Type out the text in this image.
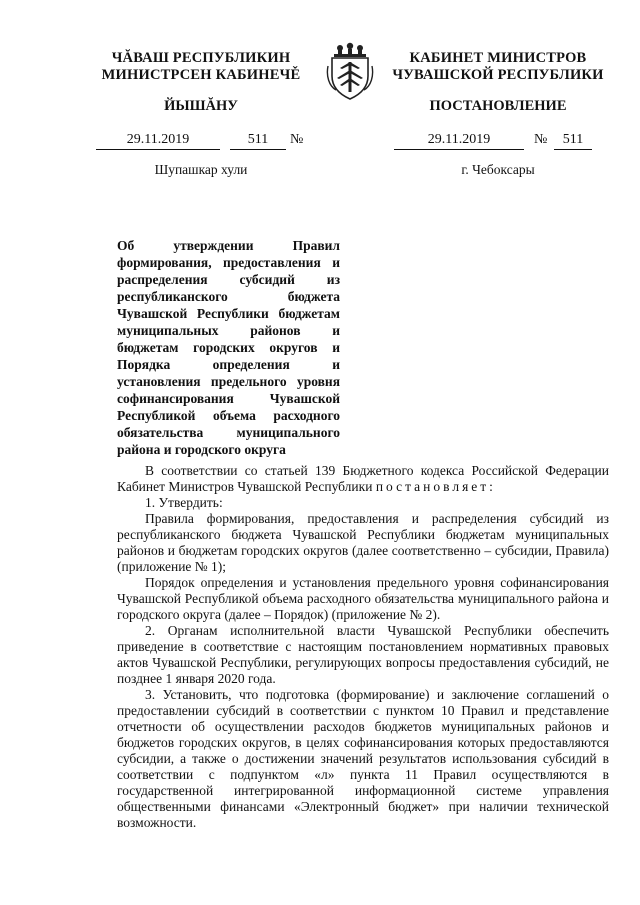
ЧĂВАШ РЕСПУБЛИКИН
МИНИСТРСЕН КАБИНЕЧĚ
ЙЫШĂНУ
29.11.2019	511	№
Шупашкар хули
КАБИНЕТ МИНИСТРОВ
ЧУВАШСКОЙ РЕСПУБЛИКИ
ПОСТАНОВЛЕНИЕ
29.11.2019	№	511
г. Чебоксары
Об утверждении Правил формирования, предоставления и распределения субсидий из республиканского бюджета Чувашской Республики бюджетам муниципальных районов и бюджетам городских округов и Порядка определения и установления предельного уровня софинансирования Чувашской Республикой объема расходного обязательства муниципального района и городского округа

В соответствии со статьей 139 Бюджетного кодекса Российской Федерации Кабинет Министров Чувашской Республики постановляет:

1. Утвердить:

Правила формирования, предоставления и распределения субсидий из республиканского бюджета Чувашской Республики бюджетам муниципальных районов и бюджетам городских округов (далее соответственно – субсидии, Правила) (приложение № 1);

Порядок определения и установления предельного уровня софинансирования Чувашской Республикой объема расходного обязательства муниципального района и городского округа (далее – Порядок) (приложение № 2).

2. Органам исполнительной власти Чувашской Республики обеспечить приведение в соответствие с настоящим постановлением нормативных правовых актов Чувашской Республики, регулирующих вопросы предоставления субсидий, не позднее 1 января 2020 года.

3. Установить, что подготовка (формирование) и заключение соглашений о предоставлении субсидий в соответствии с пунктом 10 Правил и представление отчетности об осуществлении расходов бюджетов муниципальных районов и бюджетов городских округов, в целях софинансирования которых предоставляются субсидии, а также о достижении значений результатов использования субсидий в соответствии с подпунктом «л» пункта 11 Правил осуществляются в государственной интегрированной информационной системе управления общественными финансами «Электронный бюджет» при наличии технической возможности.
